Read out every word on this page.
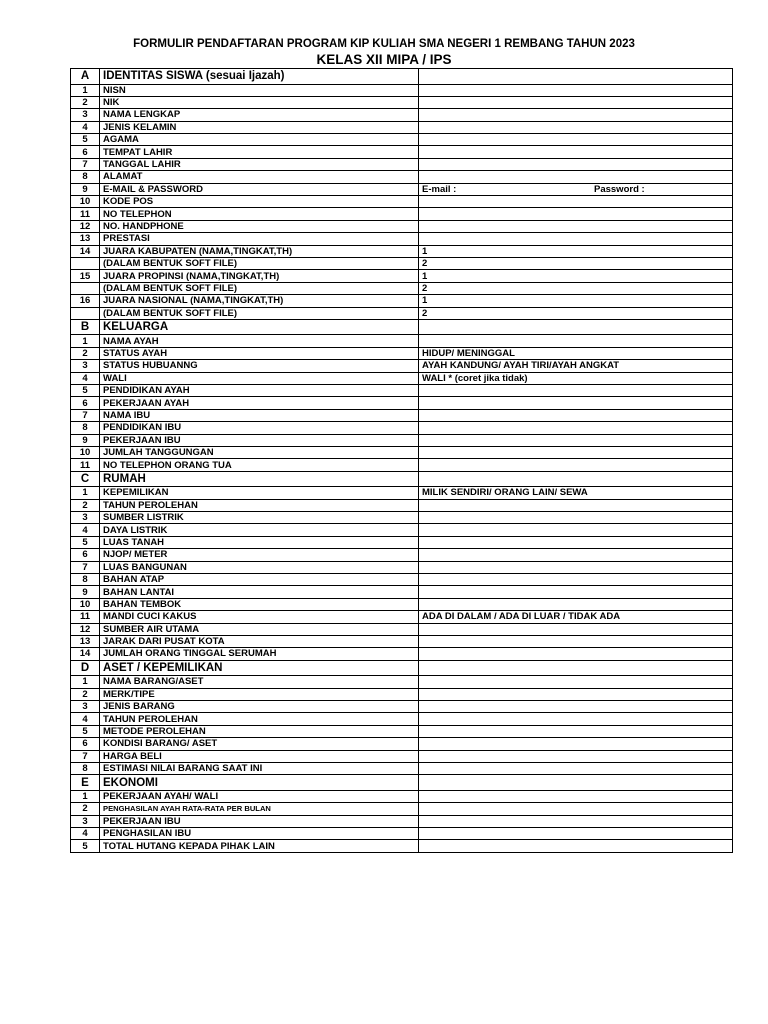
FORMULIR PENDAFTARAN PROGRAM KIP KULIAH SMA NEGERI 1 REMBANG TAHUN 2023
KELAS XII MIPA / IPS
A	IDENTITAS SISWA (sesuai Ijazah)	
1	NISN	
2	NIK	
3	NAMA LENGKAP	
4	JENIS KELAMIN	
5	AGAMA	
6	TEMPAT LAHIR	
7	TANGGAL LAHIR	
8	ALAMAT	
9	E-MAIL & PASSWORD	E-mail : Password :

10	KODE POS	
11	NO TELEPHON	
12	NO. HANDPHONE	
13	PRESTASI	
14	JUARA KABUPATEN (NAMA,TINGKAT,TH)	1
	(DALAM BENTUK SOFT FILE)	2
15	JUARA PROPINSI (NAMA,TINGKAT,TH)	1
	(DALAM BENTUK SOFT FILE)	2
16	JUARA NASIONAL (NAMA,TINGKAT,TH)	1
	(DALAM BENTUK SOFT FILE)	2
B	KELUARGA	
1	NAMA AYAH	
2	STATUS AYAH	HIDUP/ MENINGGAL
3	STATUS HUBUANNG	AYAH KANDUNG/ AYAH TIRI/AYAH ANGKAT
4	WALI	WALI * (coret jika tidak)
5	PENDIDIKAN AYAH	
6	PEKERJAAN AYAH	
7	NAMA IBU	
8	PENDIDIKAN IBU	
9	PEKERJAAN IBU	
10	JUMLAH TANGGUNGAN	
11	NO TELEPHON ORANG TUA	
C	RUMAH	
1	KEPEMILIKAN	MILIK SENDIRI/ ORANG LAIN/ SEWA
2	TAHUN PEROLEHAN	
3	SUMBER LISTRIK	
4	DAYA LISTRIK	
5	LUAS TANAH	
6	NJOP/ METER	
7	LUAS BANGUNAN	
8	BAHAN ATAP	
9	BAHAN LANTAI	
10	BAHAN TEMBOK	
11	MANDI CUCI KAKUS	ADA DI DALAM / ADA DI LUAR / TIDAK ADA
12	SUMBER AIR UTAMA	
13	JARAK DARI PUSAT KOTA	
14	JUMLAH ORANG TINGGAL SERUMAH	
D	ASET / KEPEMILIKAN	
1	NAMA BARANG/ASET	
2	MERK/TIPE	
3	JENIS BARANG	
4	TAHUN PEROLEHAN	
5	METODE PEROLEHAN	
6	KONDISI BARANG/ ASET	
7	HARGA BELI	
8	ESTIMASI NILAI BARANG SAAT INI	
E	EKONOMI	
1	PEKERJAAN AYAH/ WALI	
2	PENGHASILAN AYAH RATA-RATA PER BULAN	
3	PEKERJAAN IBU	
4	PENGHASILAN IBU	
5	TOTAL HUTANG KEPADA PIHAK LAIN	
